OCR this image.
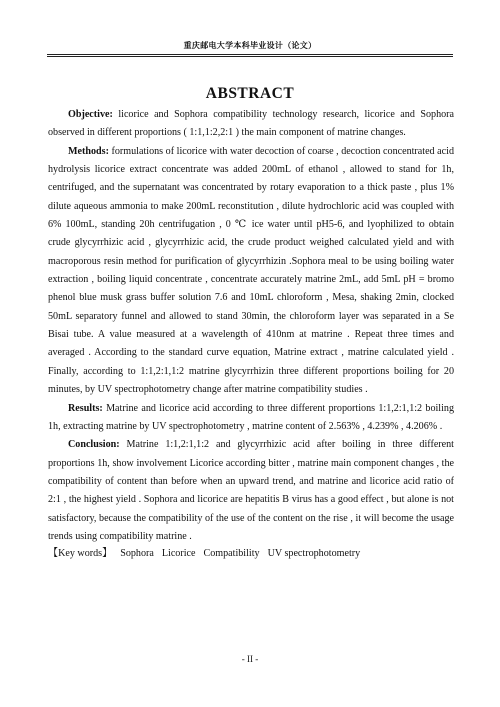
重庆邮电大学本科毕业设计（论文）
ABSTRACT

Objective: licorice and Sophora compatibility technology research, licorice and Sophora observed in different proportions ( 1:1,1:2,2:1 ) the main component of matrine changes.

Methods: formulations of licorice with water decoction of coarse , decoction concentrated acid hydrolysis licorice extract concentrate was added 200mL of ethanol , allowed to stand for 1h, centrifuged, and the supernatant was concentrated by rotary evaporation to a thick paste , plus 1% dilute aqueous ammonia to make 200mL reconstitution , dilute hydrochloric acid was coupled with 6% 100mL, standing 20h centrifugation , 0 ℃ ice water until pH5-6, and lyophilized to obtain crude glycyrrhizic acid , glycyrrhizic acid, the crude product weighed calculated yield and with macroporous resin method for purification of glycyrrhizin .Sophora meal to be using boiling water extraction , boiling liquid concentrate , concentrate accurately matrine 2mL, add 5mL pH = bromo phenol blue musk grass buffer solution 7.6 and 10mL chloroform , Mesa, shaking 2min, clocked 50mL separatory funnel and allowed to stand 30min, the chloroform layer was separated in a Se Bisai tube. A value measured at a wavelength of 410nm at matrine . Repeat three times and averaged . According to the standard curve equation, Matrine extract , matrine calculated yield . Finally, according to 1:1,2:1,1:2 matrine glycyrrhizin three different proportions boiling for 20 minutes, by UV spectrophotometry change after matrine compatibility studies .

Results: Matrine and licorice acid according to three different proportions 1:1,2:1,1:2 boiling 1h, extracting matrine by UV spectrophotometry , matrine content of 2.563% , 4.239% , 4.206% .

Conclusion: Matrine 1:1,2:1,1:2 and glycyrrhizic acid after boiling in three different proportions 1h, show involvement Licorice according bitter , matrine main component changes , the compatibility of content than before when an upward trend, and matrine and licorice acid ratio of 2:1 , the highest yield . Sophora and licorice are hepatitis B virus has a good effect , but alone is not satisfactory, because the compatibility of the use of the content on the rise , it will become the usage trends using compatibility matrine .

【Key words】 Sophora Licorice Compatibility UV spectrophotometry
- II -
